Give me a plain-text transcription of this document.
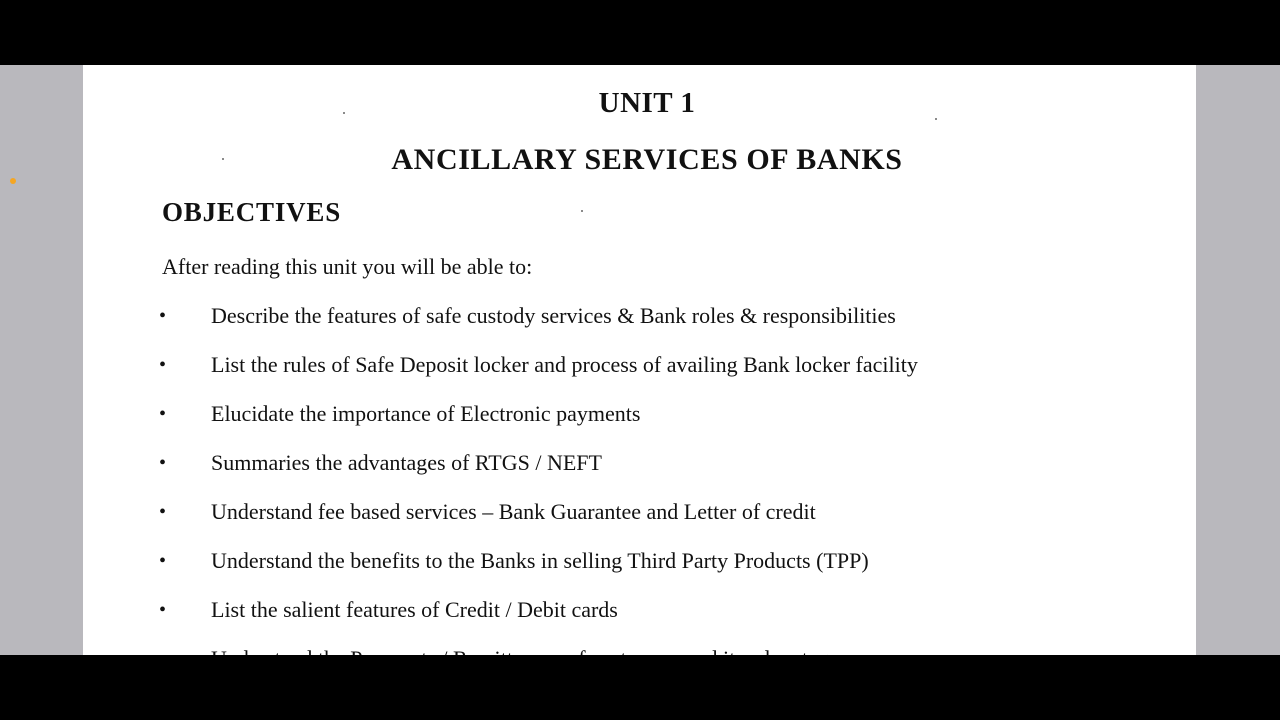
UNIT 1
ANCILLARY SERVICES OF BANKS
OBJECTIVES
After reading this unit you will be able to:
• Describe the features of safe custody services & Bank roles & responsibilities
• List the rules of Safe Deposit locker and process of availing Bank locker facility
• Elucidate the importance of Electronic payments
• Summaries the advantages of RTGS / NEFT
• Understand fee based services – Bank Guarantee and Letter of credit
• Understand the benefits to the Banks in selling Third Party Products (TPP)
• List the salient features of Credit / Debit cards
